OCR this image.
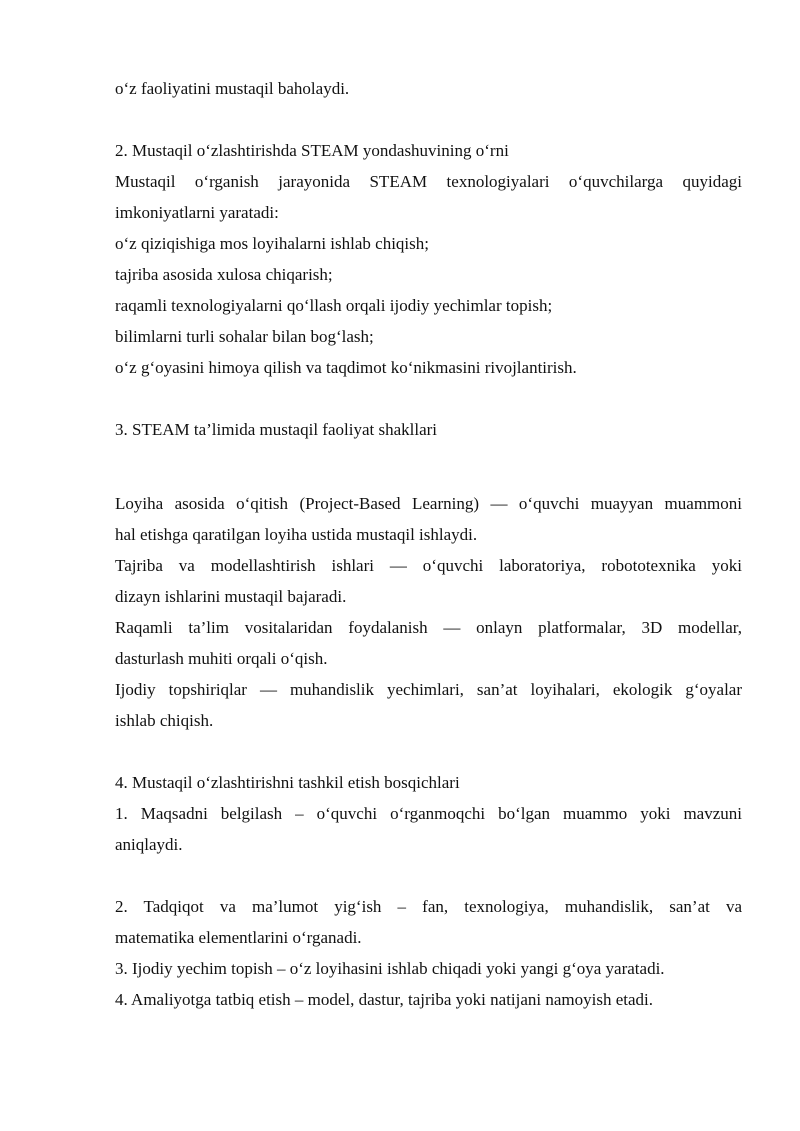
o‘z faoliyatini mustaqil baholaydi.
2. Mustaqil o‘zlashtirishda STEAM yondashuvining o‘rni
Mustaqil o‘rganish jarayonida STEAM texnologiyalari o‘quvchilarga quyidagi
imkoniyatlarni yaratadi:
o‘z qiziqishiga mos loyihalarni ishlab chiqish;
tajriba asosida xulosa chiqarish;
raqamli texnologiyalarni qo‘llash orqali ijodiy yechimlar topish;
bilimlarni turli sohalar bilan bog‘lash;
o‘z g‘oyasini himoya qilish va taqdimot ko‘nikmasini rivojlantirish.
3. STEAM ta’limida mustaqil faoliyat shakllari
Loyiha asosida o‘qitish (Project-Based Learning) — o‘quvchi muayyan muammoni
hal etishga qaratilgan loyiha ustida mustaqil ishlaydi.
Tajriba va modellashtirish ishlari — o‘quvchi laboratoriya, robototexnika yoki
dizayn ishlarini mustaqil bajaradi.
Raqamli ta’lim vositalaridan foydalanish — onlayn platformalar, 3D modellar,
dasturlash muhiti orqali o‘qish.
Ijodiy topshiriqlar — muhandislik yechimlari, san’at loyihalari, ekologik g‘oyalar
ishlab chiqish.
4. Mustaqil o‘zlashtirishni tashkil etish bosqichlari
1. Maqsadni belgilash – o‘quvchi o‘rganmoqchi bo‘lgan muammo yoki mavzuni
aniqlaydi.
2. Tadqiqot va ma’lumot yig‘ish – fan, texnologiya, muhandislik, san’at va
matematika elementlarini o‘rganadi.
3. Ijodiy yechim topish – o‘z loyihasini ishlab chiqadi yoki yangi g‘oya yaratadi.
4. Amaliyotga tatbiq etish – model, dastur, tajriba yoki natijani namoyish etadi.
